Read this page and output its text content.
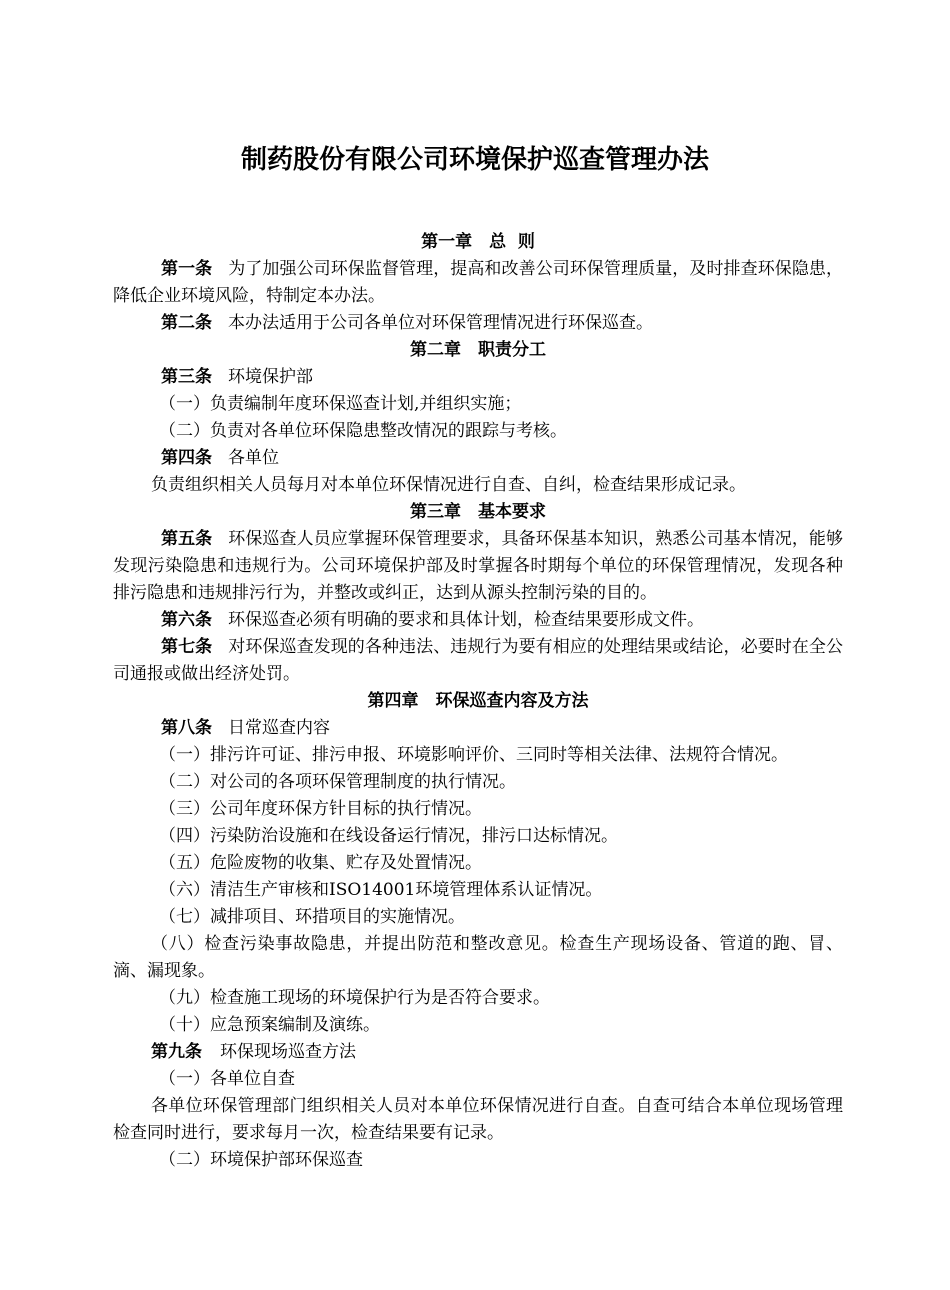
制药股份有限公司环境保护巡查管理办法

第一章　总  则

第一条 为了加强公司环保监督管理，提高和改善公司环保管理质量，及时排查环保隐患，降低企业环境风险，特制定本办法。

第二条 本办法适用于公司各单位对环保管理情况进行环保巡查。

第二章　职责分工

第三条 环境保护部

（一）负责编制年度环保巡查计划,并组织实施；

（二）负责对各单位环保隐患整改情况的跟踪与考核。

第四条 各单位

负责组织相关人员每月对本单位环保情况进行自查、自纠，检查结果形成记录。

第三章　基本要求

第五条 环保巡查人员应掌握环保管理要求，具备环保基本知识，熟悉公司基本情况，能够发现污染隐患和违规行为。公司环境保护部及时掌握各时期每个单位的环保管理情况，发现各种排污隐患和违规排污行为，并整改或纠正，达到从源头控制污染的目的。

第六条 环保巡查必须有明确的要求和具体计划，检查结果要形成文件。

第七条 对环保巡查发现的各种违法、违规行为要有相应的处理结果或结论，必要时在全公司通报或做出经济处罚。

第四章　环保巡查内容及方法

第八条 日常巡查内容

（一）排污许可证、排污申报、环境影响评价、三同时等相关法律、法规符合情况。

（二）对公司的各项环保管理制度的执行情况。

（三）公司年度环保方针目标的执行情况。

（四）污染防治设施和在线设备运行情况，排污口达标情况。

（五）危险废物的收集、贮存及处置情况。

（六）清洁生产审核和ISO14001环境管理体系认证情况。

（七）减排项目、环措项目的实施情况。

（八）检查污染事故隐患，并提出防范和整改意见。检查生产现场设备、管道的跑、冒、滴、漏现象。

（九）检查施工现场的环境保护行为是否符合要求。

（十）应急预案编制及演练。

第九条 环保现场巡查方法

（一）各单位自查

各单位环保管理部门组织相关人员对本单位环保情况进行自查。自查可结合本单位现场管理检查同时进行，要求每月一次，检查结果要有记录。

（二）环境保护部环保巡查
